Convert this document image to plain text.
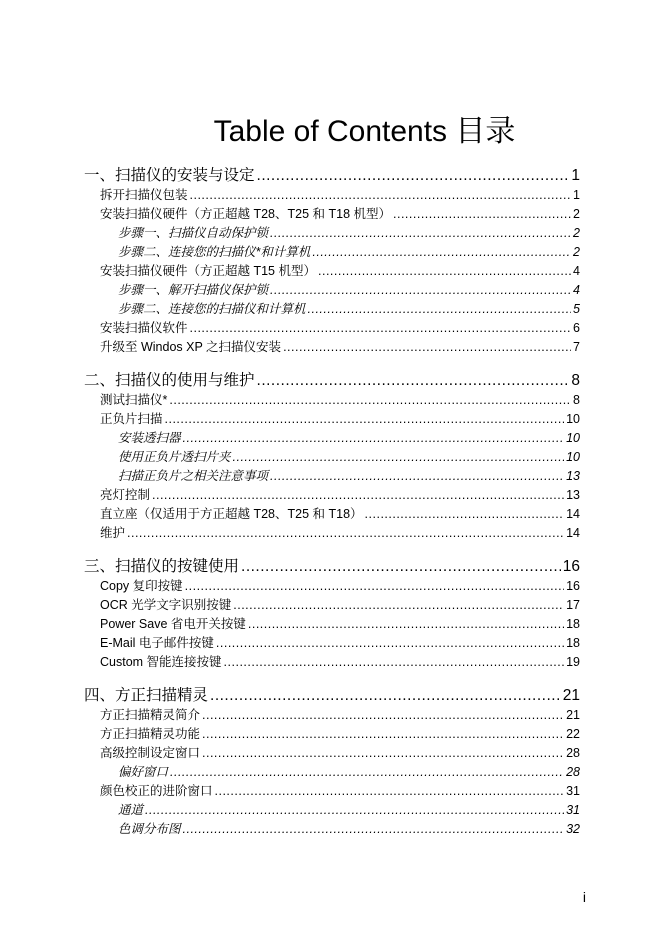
Table of Contents 目录
一、扫描仪的安装与设定 .....	1
拆开扫描仪包装 .....	1
安装扫描仪硬件（方正超越 T28、T25 和 T18 机型） .....	2
步骤一、扫描仪自动保护锁 .....	2
步骤二、连接您的扫描仪*和计算机 .....	2
安装扫描仪硬件（方正超越 T15 机型） .....	4
步骤一、解开扫描仪保护锁 .....	4
步骤二、连接您的扫描仪和计算机 .....	5
安装扫描仪软件 .....	6
升级至 Windos XP 之扫描仪安装 .....	7
二、扫描仪的使用与维护 .....	8
测试扫描仪* .....	8
正负片扫描 .....	10
安装透扫器 .....	10
使用正负片透扫片夹 .....	10
扫描正负片之相关注意事项 .....	13
亮灯控制 .....	13
直立座（仅适用于方正超越 T28、T25 和 T18） .....	14
维护 .....	14
三、扫描仪的按键使用 .....	16
Copy 复印按键 .....	16
OCR 光学文字识别按键 .....	17
Power Save 省电开关按键 .....	18
E-Mail 电子邮件按键 .....	18
Custom 智能连接按键 .....	19
四、方正扫描精灵 .....	21
方正扫描精灵简介 .....	21
方正扫描精灵功能 .....	22
高级控制设定窗口 .....	28
偏好窗口 .....	28
颜色校正的进阶窗口 .....	31
通道 .....	31
色调分布图 .....	32
i
